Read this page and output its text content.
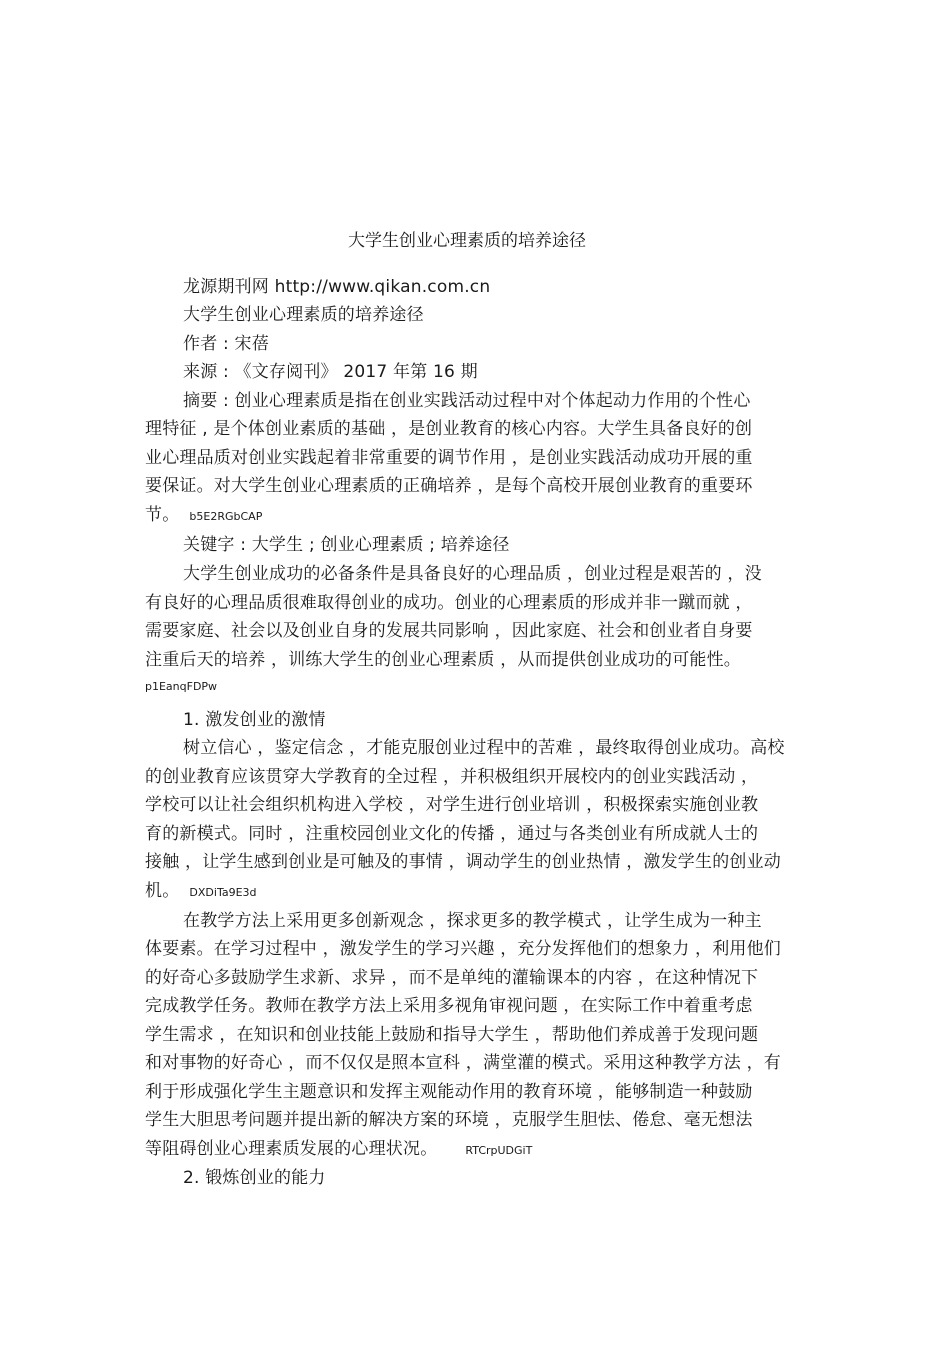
大学生创业心理素质的培养途径
龙源期刊网 http://www.qikan.com.cn
大学生创业心理素质的培养途径
作者 : 宋蓓
来源 : 《文存阅刊》 2017 年第 16 期
摘要 : 创业心理素质是指在创业实践活动过程中对个体起动力作用的个性心
理特征 , 是个体创业素质的基础 ，是创业教育的核心内容。大学生具备良好的创
业心理品质对创业实践起着非常重要的调节作用 ，是创业实践活动成功开展的重
要保证。对大学生创业心理素质的正确培养 ，是每个高校开展创业教育的重要环
节。 b5E2RGbCAP
关键字 : 大学生 ; 创业心理素质 ; 培养途径
大学生创业成功的必备条件是具备良好的心理品质 ，创业过程是艰苦的 ，没
有良好的心理品质很难取得创业的成功。创业的心理素质的形成并非一蹴而就 ，
需要家庭、社会以及创业自身的发展共同影响 ，因此家庭、社会和创业者自身要
注重后天的培养 ，训练大学生的创业心理素质 ，从而提供创业成功的可能性。
p1EanqFDPw
1. 激发创业的激情
树立信心 ，鉴定信念 ，才能克服创业过程中的苦难 ，最终取得创业成功。高校
的创业教育应该贯穿大学教育的全过程 ，并积极组织开展校内的创业实践活动 ，
学校可以让社会组织机构进入学校 ，对学生进行创业培训 ，积极探索实施创业教
育的新模式。同时 ，注重校园创业文化的传播 ，通过与各类创业有所成就人士的
接触 ，让学生感到创业是可触及的事情 ，调动学生的创业热情 ，激发学生的创业动
机。 DXDiTa9E3d
在教学方法上采用更多创新观念 ，探求更多的教学模式 ，让学生成为一种主
体要素。在学习过程中 ，激发学生的学习兴趣 ，充分发挥他们的想象力 ，利用他们
的好奇心多鼓励学生求新、求异 ，而不是单纯的灌输课本的内容 ，在这种情况下
完成教学任务。教师在教学方法上采用多视角审视问题 ，在实际工作中着重考虑
学生需求 ，在知识和创业技能上鼓励和指导大学生 ，帮助他们养成善于发现问题
和对事物的好奇心 ，而不仅仅是照本宣科 ，满堂灌的模式。采用这种教学方法 ，有
利于形成强化学生主题意识和发挥主观能动作用的教育环境 ，能够制造一种鼓励
学生大胆思考问题并提出新的解决方案的环境 ，克服学生胆怯、倦怠、毫无想法
等阻碍创业心理素质发展的心理状况。	RTCrpUDGiT
2. 锻炼创业的能力
